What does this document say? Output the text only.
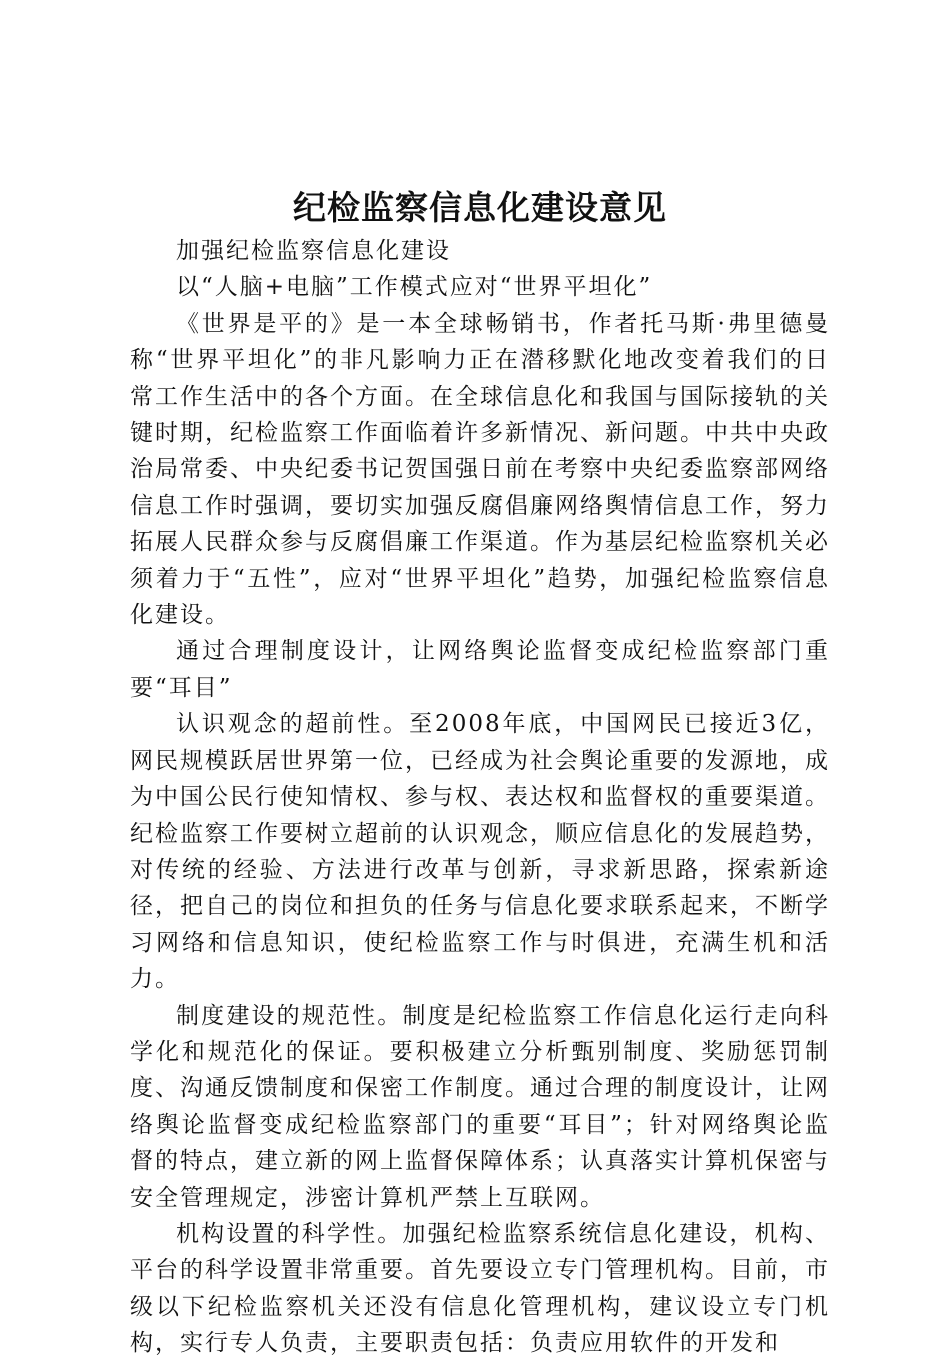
纪检监察信息化建设意见

加强纪检监察信息化建设

以“人脑+电脑”工作模式应对“世界平坦化”

《世界是平的》是一本全球畅销书，作者托马斯·弗里德曼称“世界平坦化”的非凡影响力正在潜移默化地改变着我们的日常工作生活中的各个方面。在全球信息化和我国与国际接轨的关键时期，纪检监察工作面临着许多新情况、新问题。中共中央政治局常委、中央纪委书记贺国强日前在考察中央纪委监察部网络信息工作时强调，要切实加强反腐倡廉网络舆情信息工作，努力拓展人民群众参与反腐倡廉工作渠道。作为基层纪检监察机关必须着力于“五性”，应对“世界平坦化”趋势，加强纪检监察信息化建设。

通过合理制度设计，让网络舆论监督变成纪检监察部门重要“耳目”

认识观念的超前性。至2008年底，中国网民已接近3亿，网民规模跃居世界第一位，已经成为社会舆论重要的发源地，成为中国公民行使知情权、参与权、表达权和监督权的重要渠道。纪检监察工作要树立超前的认识观念，顺应信息化的发展趋势，对传统的经验、方法进行改革与创新，寻求新思路，探索新途径，把自己的岗位和担负的任务与信息化要求联系起来，不断学习网络和信息知识，使纪检监察工作与时俱进，充满生机和活力。

制度建设的规范性。制度是纪检监察工作信息化运行走向科学化和规范化的保证。要积极建立分析甄别制度、奖励惩罚制度、沟通反馈制度和保密工作制度。通过合理的制度设计，让网络舆论监督变成纪检监察部门的重要“耳目”；针对网络舆论监督的特点，建立新的网上监督保障体系；认真落实计算机保密与安全管理规定，涉密计算机严禁上互联网。

机构设置的科学性。加强纪检监察系统信息化建设，机构、平台的科学设置非常重要。首先要设立专门管理机构。目前，市级以下纪检监察机关还没有信息化管理机构，建议设立专门机构，实行专人负责，主要职责包括：负责应用软件的开发和
